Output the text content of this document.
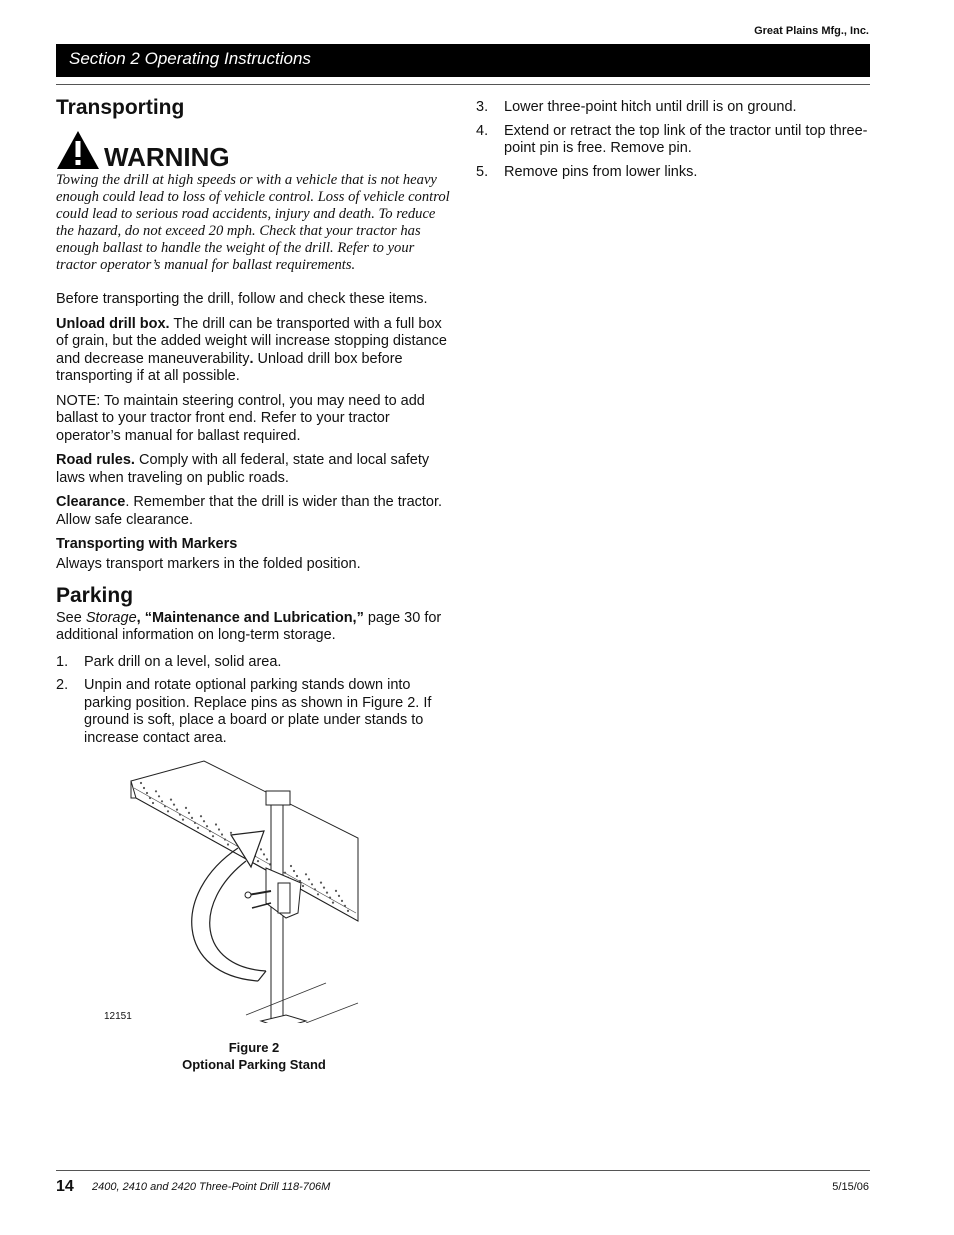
Great Plains Mfg., Inc.
Section 2 Operating Instructions
Transporting
WARNING
Towing the drill at high speeds or with a vehicle that is not heavy enough could lead to loss of vehicle control. Loss of vehicle control could lead to serious road accidents, injury and death. To reduce the hazard, do not exceed 20 mph. Check that your tractor has enough ballast to handle the weight of the drill. Refer to your tractor operator’s manual for ballast requirements.

Before transporting the drill, follow and check these items.

Unload drill box. The drill can be transported with a full box of grain, but the added weight will increase stopping distance and decrease maneuverability. Unload drill box before transporting if at all possible.

NOTE: To maintain steering control, you may need to add ballast to your tractor front end. Refer to your tractor operator’s manual for ballast required.

Road rules. Comply with all federal, state and local safety laws when traveling on public roads.

Clearance. Remember that the drill is wider than the tractor. Allow safe clearance.

Transporting with Markers

Always transport markers in the folded position.

Parking

See Storage, “Maintenance and Lubrication,” page 30 for additional information on long-term storage.

1. Park drill on a level, solid area.
2. Unpin and rotate optional parking stands down into parking position. Replace pins as shown in Figure 2. If ground is soft, place a board or plate under stands to increase contact area.
12151
Figure 2
Optional Parking Stand
3. Lower three-point hitch until drill is on ground.
4. Extend or retract the top link of the tractor until top three-point pin is free. Remove pin.
5. Remove pins from lower links.
14 2400, 2410 and 2420 Three-Point Drill 118-706M	5/15/06
